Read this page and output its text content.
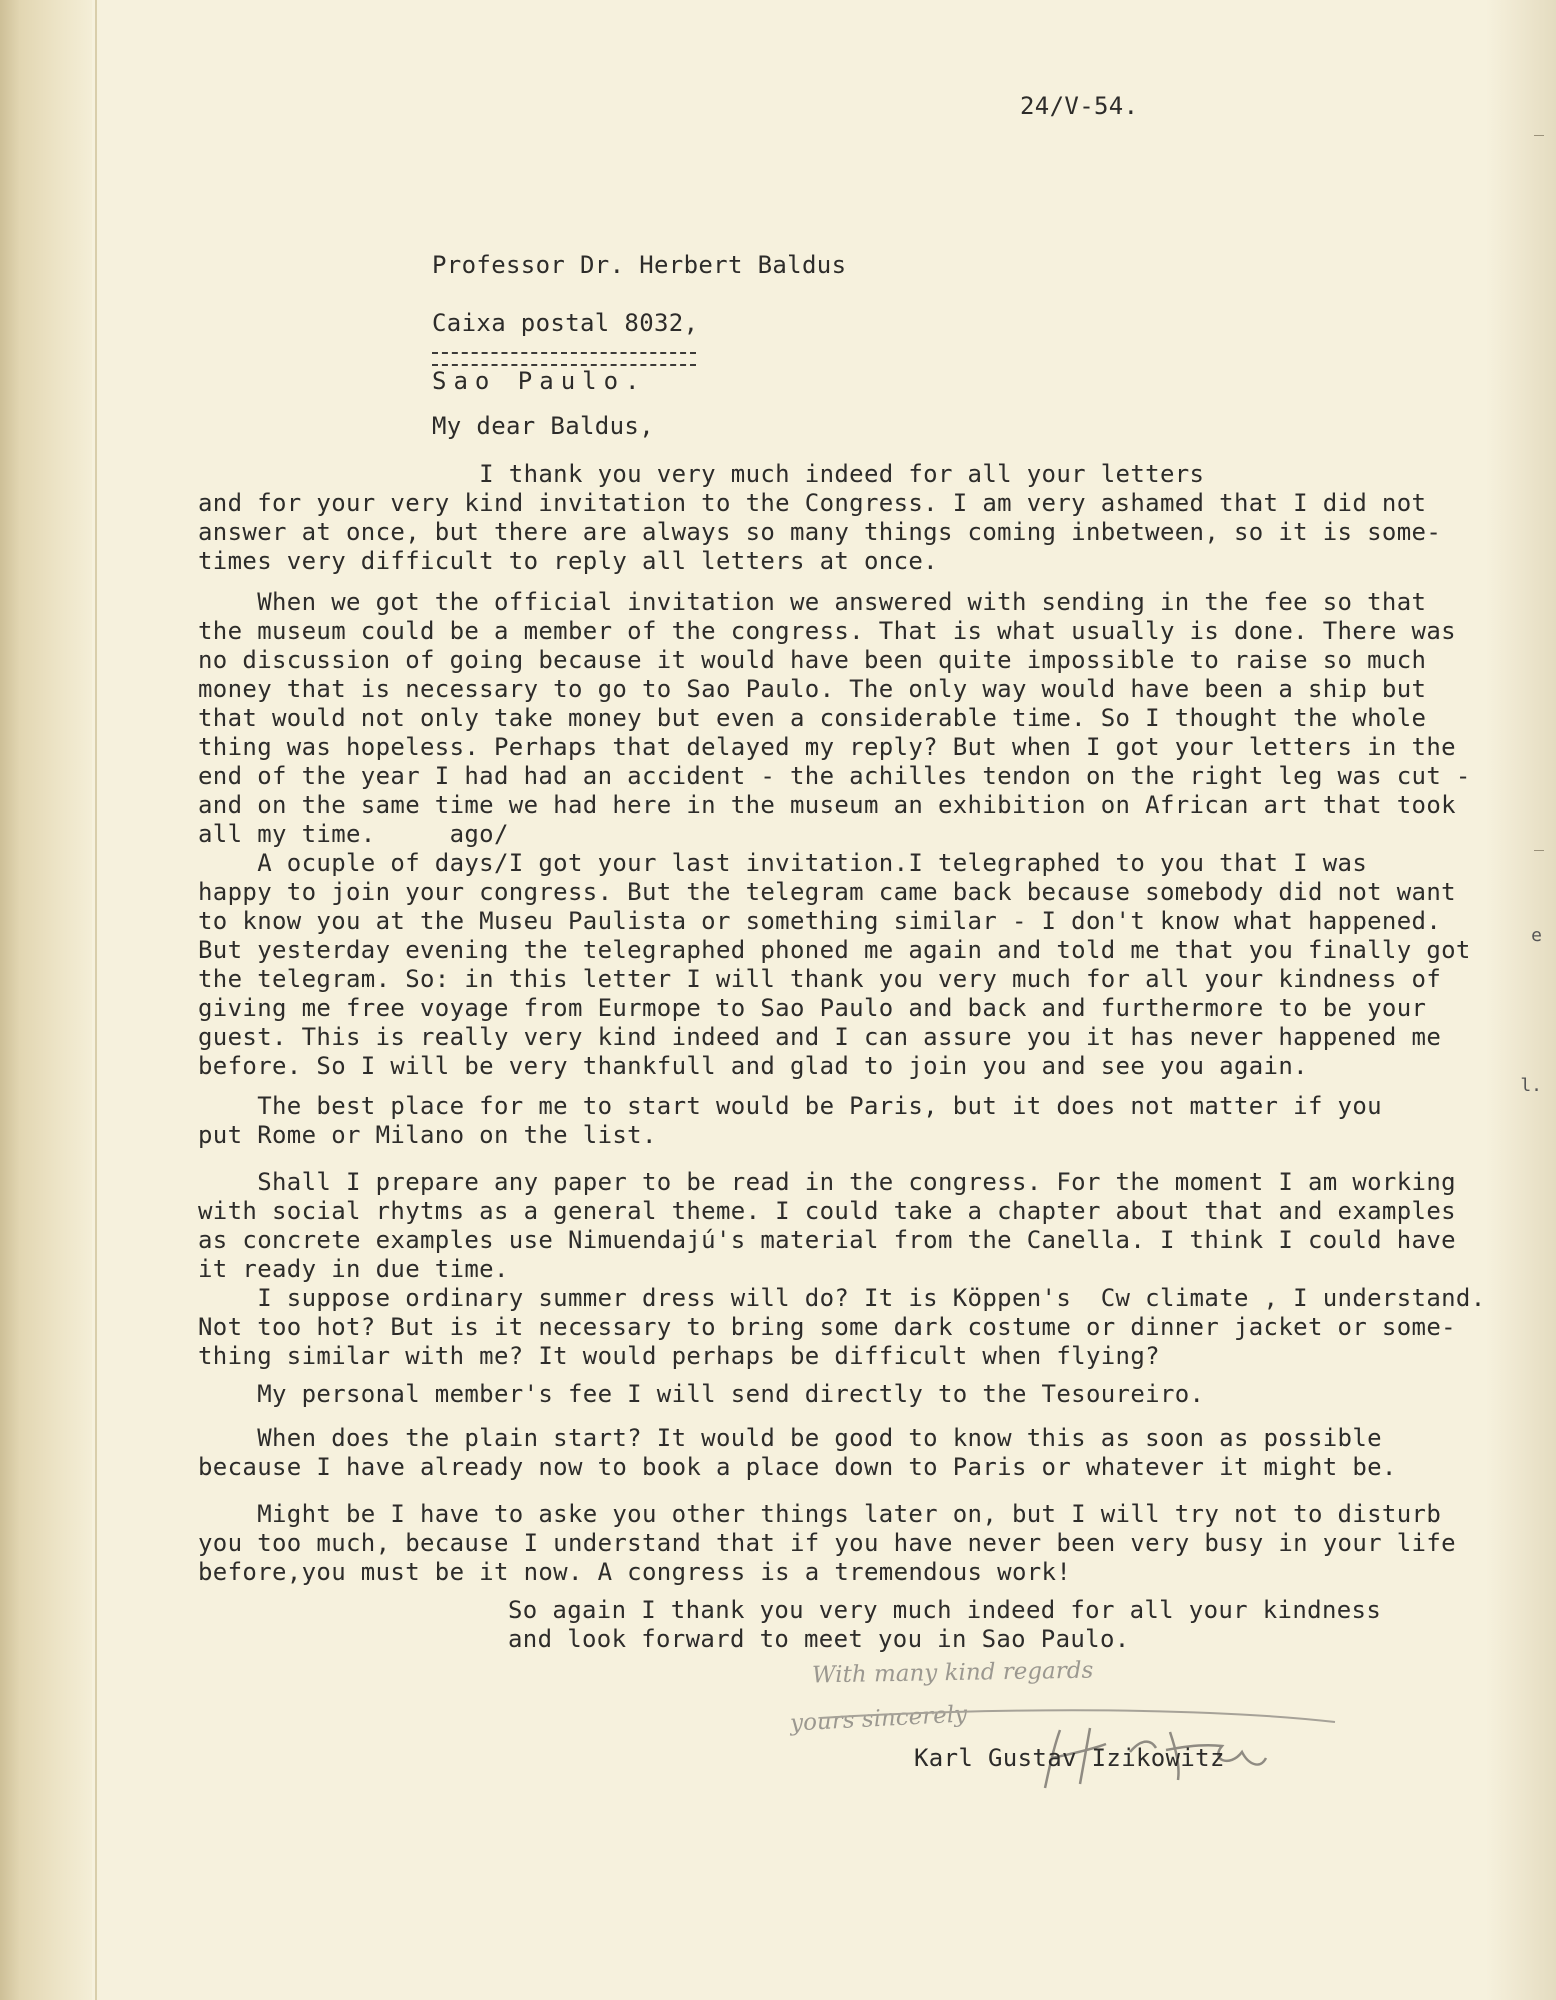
e
l.
24/V-54.
Professor Dr. Herbert Baldus
Caixa postal 8032,
Sao Paulo.
My dear Baldus,
I thank you very much indeed for all your letters
and for your very kind invitation to the Congress. I am very ashamed that I did not
answer at once, but there are always so many things coming inbetween, so it is some-
times very difficult to reply all letters at once.
When we got the official invitation we answered with sending in the fee so that
the museum could be a member of the congress. That is what usually is done. There was
no discussion of going because it would have been quite impossible to raise so much
money that is necessary to go to Sao Paulo. The only way would have been a ship but
that would not only take money but even a considerable time. So I thought the whole
thing was hopeless. Perhaps that delayed my reply? But when I got your letters in the
end of the year I had had an accident - the achilles tendon on the right leg was cut -
and on the same time we had here in the museum an exhibition on African art that took
all my time.     ago/
A ocuple of days/I got your last invitation.I telegraphed to you that I was
happy to join your congress. But the telegram came back because somebody did not want
to know you at the Museu Paulista or something similar - I don't know what happened.
But yesterday evening the telegraphed phoned me again and told me that you finally got
the telegram. So: in this letter I will thank you very much for all your kindness of
giving me free voyage from Eurmope to Sao Paulo and back and furthermore to be your
guest. This is really very kind indeed and I can assure you it has never happened me
before. So I will be very thankfull and glad to join you and see you again.
The best place for me to start would be Paris, but it does not matter if you
put Rome or Milano on the list.
Shall I prepare any paper to be read in the congress. For the moment I am working
with social rhytms as a general theme. I could take a chapter about that and examples
as concrete examples use Nimuendajú's material from the Canella. I think I could have
it ready in due time.
I suppose ordinary summer dress will do? It is Köppen's  Cw climate , I understand.
Not too hot? But is it necessary to bring some dark costume or dinner jacket or some-
thing similar with me? It would perhaps be difficult when flying?
My personal member's fee I will send directly to the Tesoureiro.
When does the plain start? It would be good to know this as soon as possible
because I have already now to book a place down to Paris or whatever it might be.
Might be I have to aske you other things later on, but I will try not to disturb
you too much, because I understand that if you have never been very busy in your life
before,you must be it now. A congress is a tremendous work!
So again I thank you very much indeed for all your kindness
and look forward to meet you in Sao Paulo.
With many kind regards
yours sincerely
Karl Gustav Izikowitz
